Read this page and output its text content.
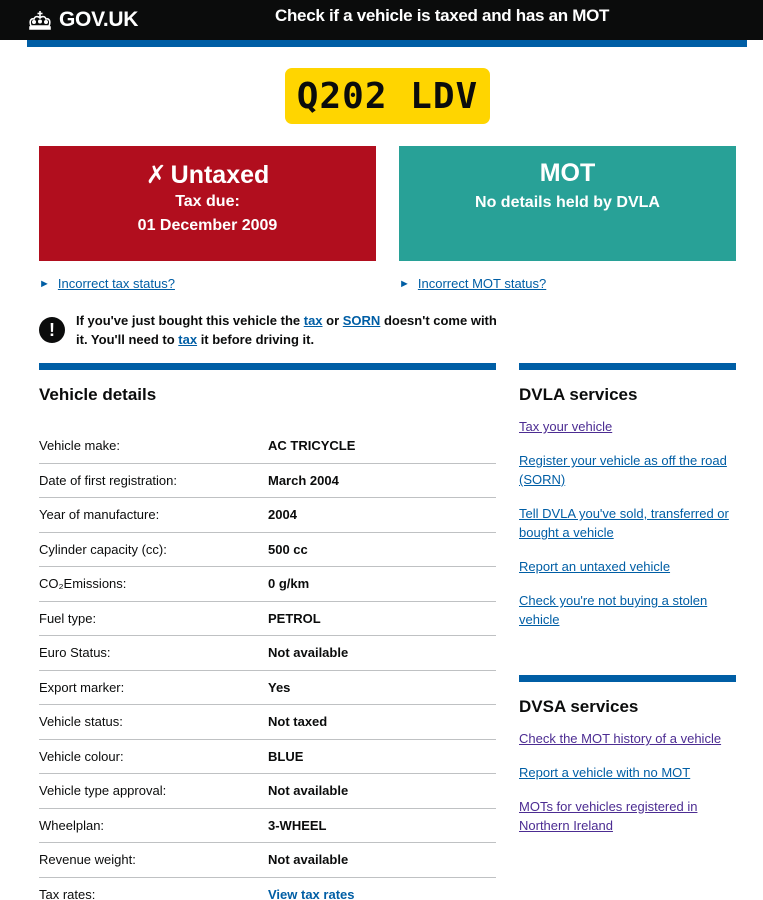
GOV.UK	Check if a vehicle is taxed and has an MOT
Q202 LDV
✗ Untaxed
Tax due:
01 December 2009
MOT
No details held by DVLA
► Incorrect tax status?	► Incorrect MOT status?
!	If you've just bought this vehicle the tax or SORN doesn't come with it. You'll need to tax it before driving it.
Vehicle details
Vehicle make:	AC TRICYCLE
Date of first registration:	March 2004
Year of manufacture:	2004
Cylinder capacity (cc):	500 cc
CO₂Emissions:	0 g/km
Fuel type:	PETROL
Euro Status:	Not available
Export marker:	Yes
Vehicle status:	Not taxed
Vehicle colour:	BLUE
Vehicle type approval:	Not available
Wheelplan:	3-WHEEL
Revenue weight:	Not available
Tax rates:	View tax rates
DVLA services
Tax your vehicle
Register your vehicle as off the road (SORN)
Tell DVLA you've sold, transferred or bought a vehicle
Report an untaxed vehicle
Check you're not buying a stolen vehicle
DVSA services
Check the MOT history of a vehicle
Report a vehicle with no MOT
MOTs for vehicles registered in Northern Ireland
